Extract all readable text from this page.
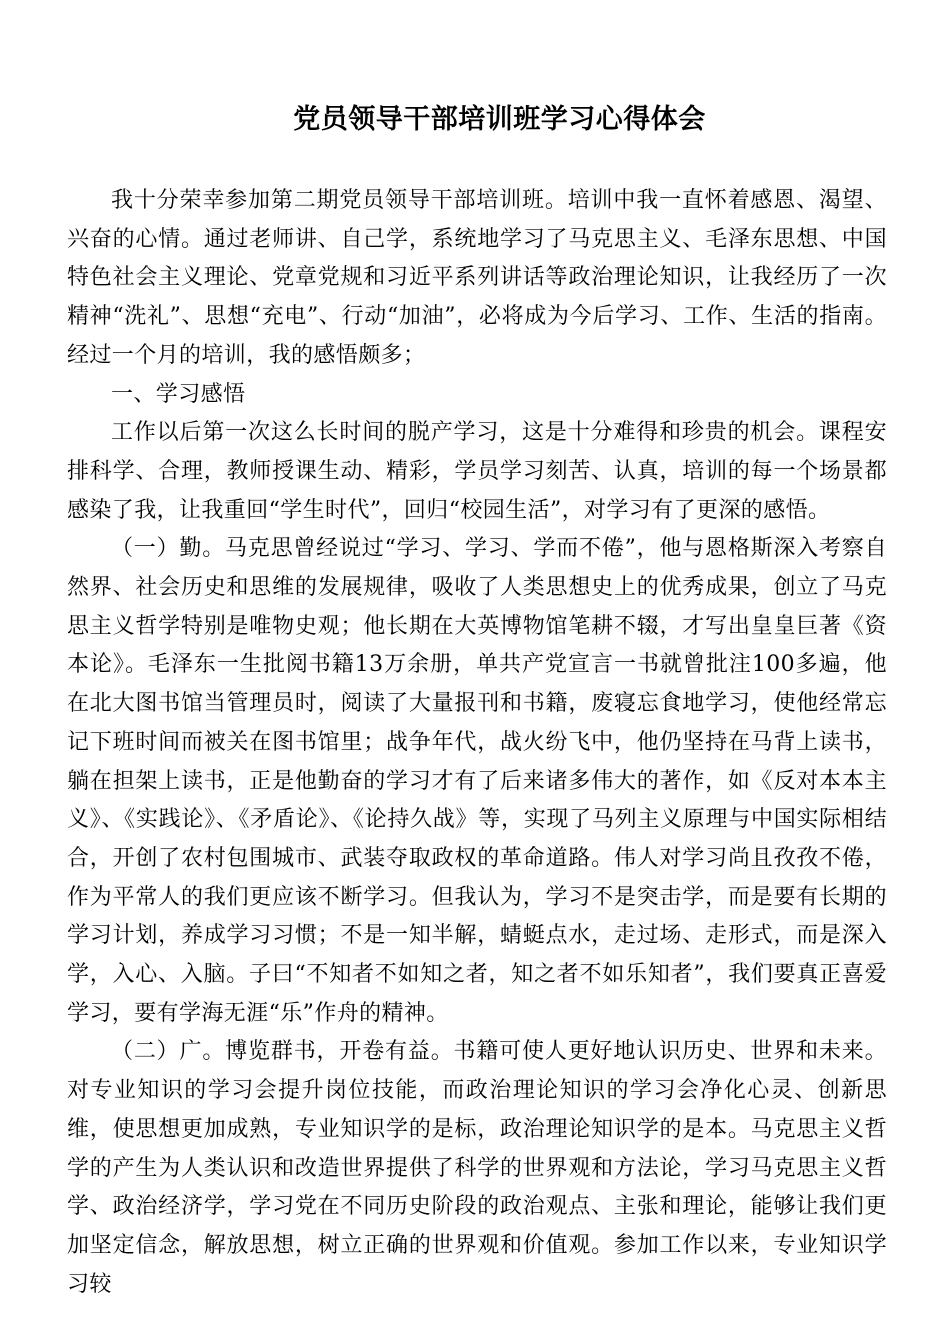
党员领导干部培训班学习心得体会

我十分荣幸参加第二期党员领导干部培训班。培训中我一直怀着感恩、渴望、兴奋的心情。通过老师讲、自己学，系统地学习了马克思主义、毛泽东思想、中国特色社会主义理论、党章党规和习近平系列讲话等政治理论知识，让我经历了一次精神“洗礼”、思想“充电”、行动“加油”，必将成为今后学习、工作、生活的指南。经过一个月的培训，我的感悟颇多；

一、学习感悟

工作以后第一次这么长时间的脱产学习，这是十分难得和珍贵的机会。课程安排科学、合理，教师授课生动、精彩，学员学习刻苦、认真，培训的每一个场景都感染了我，让我重回“学生时代”，回归“校园生活”，对学习有了更深的感悟。

（一）勤。马克思曾经说过“学习、学习、学而不倦”，他与恩格斯深入考察自然界、社会历史和思维的发展规律，吸收了人类思想史上的优秀成果，创立了马克思主义哲学特别是唯物史观；他长期在大英博物馆笔耕不辍，才写出皇皇巨著《资本论》。毛泽东一生批阅书籍13万余册，单共产党宣言一书就曾批注100多遍，他在北大图书馆当管理员时，阅读了大量报刊和书籍，废寝忘食地学习，使他经常忘记下班时间而被关在图书馆里；战争年代，战火纷飞中，他仍坚持在马背上读书，躺在担架上读书，正是他勤奋的学习才有了后来诸多伟大的著作，如《反对本本主义》、《实践论》、《矛盾论》、《论持久战》等，实现了马列主义原理与中国实际相结合，开创了农村包围城市、武装夺取政权的革命道路。伟人对学习尚且孜孜不倦，作为平常人的我们更应该不断学习。但我认为，学习不是突击学，而是要有长期的学习计划，养成学习习惯；不是一知半解，蜻蜓点水，走过场、走形式，而是深入学，入心、入脑。子曰“不知者不如知之者，知之者不如乐知者”，我们要真正喜爱学习，要有学海无涯“乐”作舟的精神。

（二）广。博览群书，开卷有益。书籍可使人更好地认识历史、世界和未来。对专业知识的学习会提升岗位技能，而政治理论知识的学习会净化心灵、创新思维，使思想更加成熟，专业知识学的是标，政治理论知识学的是本。马克思主义哲学的产生为人类认识和改造世界提供了科学的世界观和方法论，学习马克思主义哲学、政治经济学，学习党在不同历史阶段的政治观点、主张和理论，能够让我们更加坚定信念，解放思想，树立正确的世界观和价值观。参加工作以来，专业知识学习较
